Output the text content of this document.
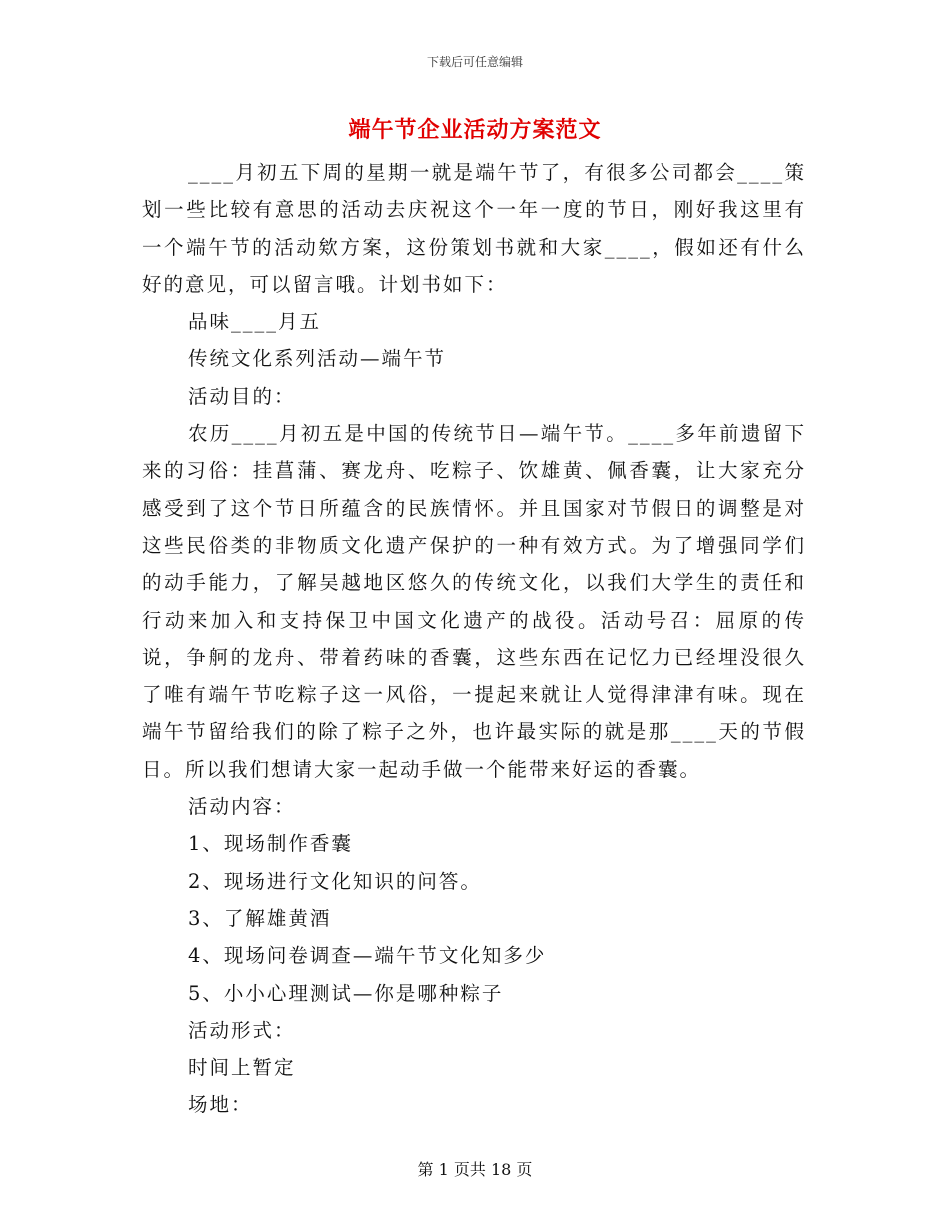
下载后可任意编辑
端午节企业活动方案范文

____月初五下周的星期一就是端午节了，有很多公司都会____策划一些比较有意思的活动去庆祝这个一年一度的节日，刚好我这里有一个端午节的活动欸方案，这份策划书就和大家____，假如还有什么好的意见，可以留言哦。计划书如下：

品味____月五

传统文化系列活动—端午节

活动目的：

农历____月初五是中国的传统节日—端午节。____多年前遗留下来的习俗：挂菖蒲、赛龙舟、吃粽子、饮雄黄、佩香囊，让大家充分感受到了这个节日所蕴含的民族情怀。并且国家对节假日的调整是对这些民俗类的非物质文化遗产保护的一种有效方式。为了增强同学们的动手能力，了解吴越地区悠久的传统文化，以我们大学生的责任和行动来加入和支持保卫中国文化遗产的战役。活动号召：屈原的传说，争舸的龙舟、带着药味的香囊，这些东西在记忆力已经埋没很久了唯有端午节吃粽子这一风俗，一提起来就让人觉得津津有味。现在端午节留给我们的除了粽子之外，也许最实际的就是那____天的节假日。所以我们想请大家一起动手做一个能带来好运的香囊。

活动内容：

1、现场制作香囊

2、现场进行文化知识的问答。

3、了解雄黄酒

4、现场问卷调查—端午节文化知多少

5、小小心理测试—你是哪种粽子

活动形式：

时间上暂定

场地：

第 1 页共 18 页
